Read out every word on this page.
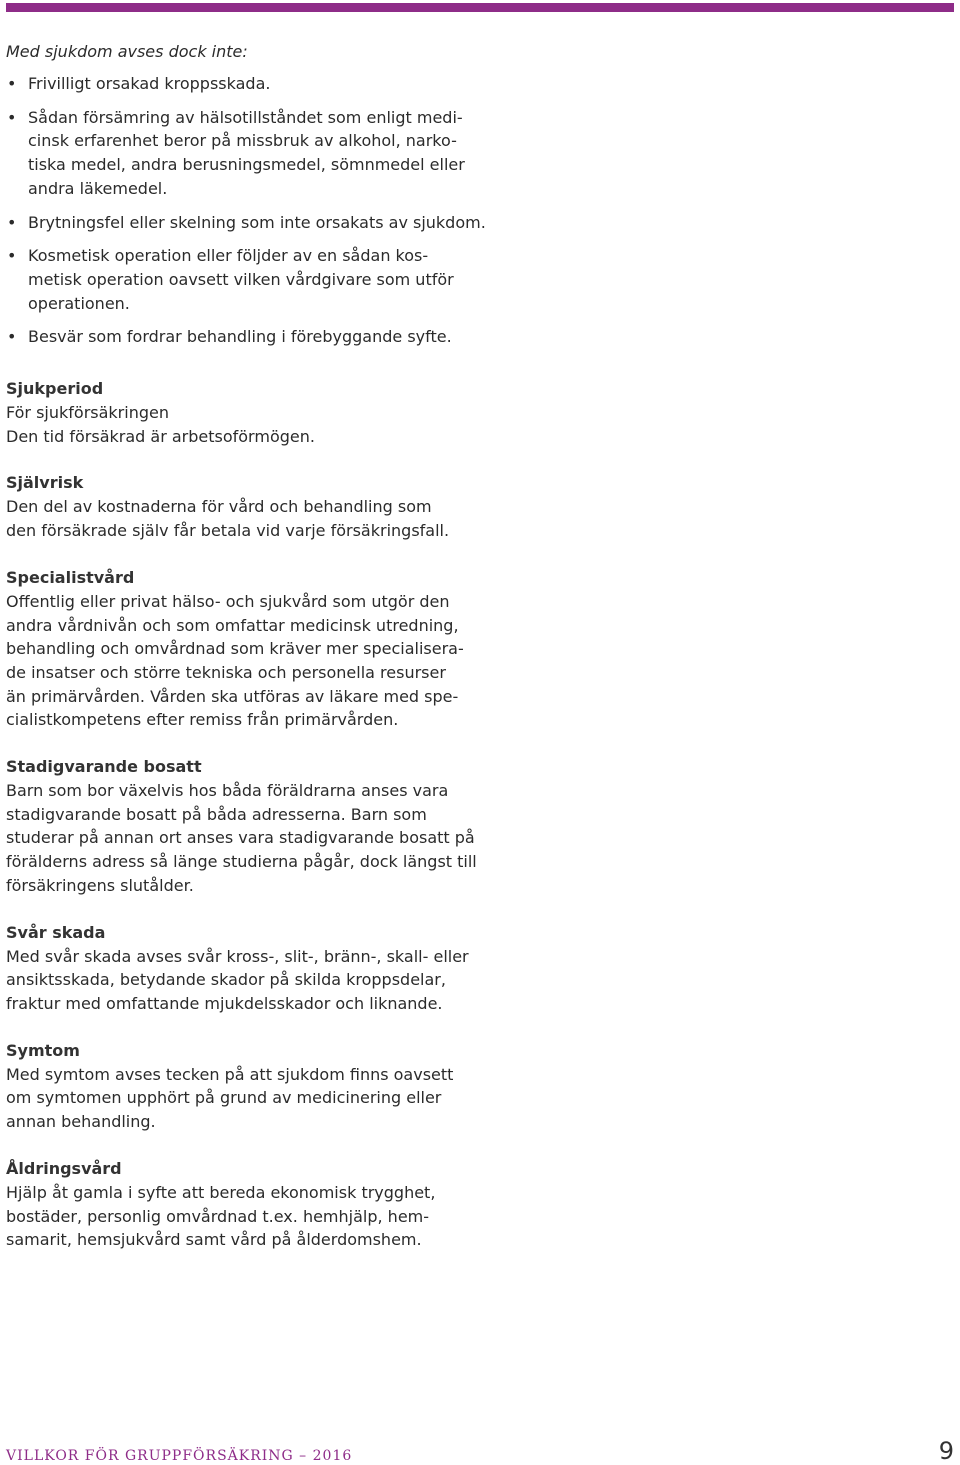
Med sjukdom avses dock inte:

• Frivilligt orsakad kroppsskada.
• Sådan försämring av hälsotillståndet som enligt medi-
cinsk erfarenhet beror på missbruk av alkohol, narko-
tiska medel, andra berusningsmedel, sömnmedel eller
andra läkemedel.
• Brytningsfel eller skelning som inte orsakats av sjukdom.
• Kosmetisk operation eller följder av en sådan kos-
metisk operation oavsett vilken vårdgivare som utför
operationen.
• Besvär som fordrar behandling i förebyggande syfte.
Sjukperiod
För sjukförsäkringen
Den tid försäkrad är arbetsoförmögen.
Självrisk
Den del av kostnaderna för vård och behandling som
den försäkrade själv får betala vid varje försäkringsfall.
Specialistvård
Offentlig eller privat hälso- och sjukvård som utgör den
andra vårdnivån och som omfattar medicinsk utredning,
behandling och omvårdnad som kräver mer specialisera-
de insatser och större tekniska och personella resurser
än primärvården. Vården ska utföras av läkare med spe-
cialistkompetens efter remiss från primärvården.
Stadigvarande bosatt
Barn som bor växelvis hos båda föräldrarna anses vara
stadigvarande bosatt på båda adresserna. Barn som
studerar på annan ort anses vara stadigvarande bosatt på
förälderns adress så länge studierna pågår, dock längst till
försäkringens slutålder.
Svår skada
Med svår skada avses svår kross-, slit-, bränn-, skall- eller
ansiktsskada, betydande skador på skilda kroppsdelar,
fraktur med omfattande mjukdelsskador och liknande.
Symtom
Med symtom avses tecken på att sjukdom finns oavsett
om symtomen upphört på grund av medicinering eller
annan behandling.
Åldringsvård
Hjälp åt gamla i syfte att bereda ekonomisk trygghet,
bostäder, personlig omvårdnad t.ex. hemhjälp, hem-
samarit, hemsjukvård samt vård på ålderdomshem.
VILLKOR FÖR GRUPPFÖRSÄKRING – 2016	9
